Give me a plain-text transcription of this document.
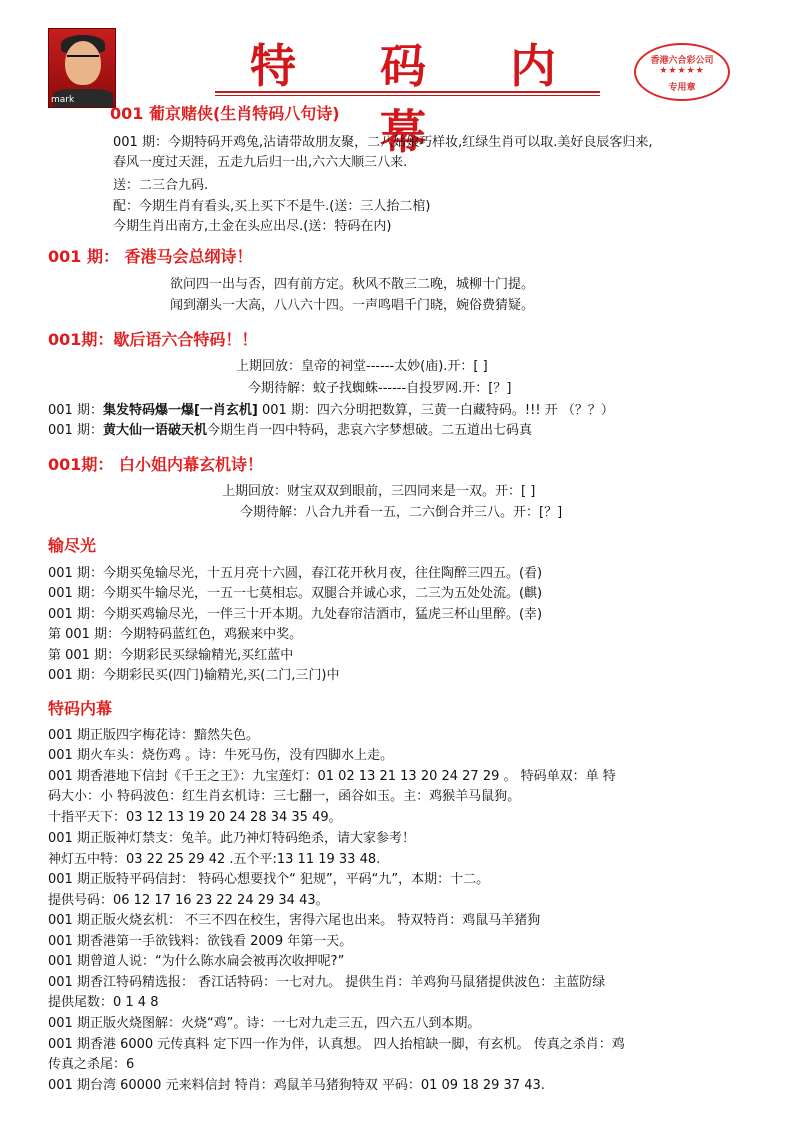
mark
特 码 内 幕
香港六合彩公司
★★★★★
专用章
001 葡京赌侠(生肖特码八句诗)
001 期：今期特码开鸡兔,沾请带故朋友聚，二八姑娘巧样妆,红绿生肖可以取.美好良辰客归来,
春风一度过天涯，五走九后归一出,六六大顺三八来.
送：二三合九码.
配：今期生肖有看头,买上买下不是牛.(送：三人抬二棺)
今期生肖出南方,土金在头应出尽.(送：特码在内)
001 期： 香港马会总纲诗！
欲问四一出与否，四有前方定。秋风不散三二晚，城柳十门提。
闻到潮头一大高，八八六十四。一声鸣唱千门晓，婉俗费猜疑。
001期：歇后语六合特码！！
上期回放：皇帝的祠堂------太妙(庙).开：[ ]
今期待解：蚊子找蜘蛛------自投罗网.开：[？]
001 期：集发特码爆一爆[一肖玄机] 001 期：四六分明把数算，三黄一白藏特码。!!! 开 （？？）
001 期：黄大仙一语破天机今期生肖一四中特码，悲哀六字梦想破。二五道出七码真
001期： 白小姐内幕玄机诗！
上期回放：财宝双双到眼前，三四同来是一双。开：[ ]
今期待解：八合九并看一五，二六倒合并三八。开：[？]
输尽光
001 期：今期买兔输尽光，十五月亮十六圆，春江花开秋月夜，往住陶醉三四五。(看)
001 期：今期买牛输尽光，一五一七莫相忘。双腿合并诚心求，二三为五处处流。(麒)
001 期：今期买鸡输尽光，一伴三十开本期。九处春帘洁酒市，猛虎三杯山里醉。(幸)
第 001 期：今期特码蓝红色，鸡猴来中奖。
第 001 期：今期彩民买绿输精光,买红蓝中
001 期：今期彩民买(四门)输精光,买(二门,三门)中
特码内幕
001 期正版四字梅花诗：黯然失色。
001 期火车头：烧伤鸡 。诗：牛死马伤，没有四脚水上走。
001 期香港地下信封《千王之王》：九宝莲灯：01 02 13 21 13 20 24 27 29 。 特码单双：单 特
码大小：小 特码波色：红生肖玄机诗：三七翻一，函谷如玉。主：鸡猴羊马鼠狗。
十指平天下：03 12 13 19 20 24 28 34 35 49。
001 期正版神灯禁支：兔羊。此乃神灯特码绝杀，请大家参考！
神灯五中特：03 22 25 29 42 .五个平:13 11 19 33 48.
001 期正版特平码信封： 特码心想要找个“ 犯规”，平码“九”，本期：十二。
提供号码：06 12 17 16 23 22 24 29 34 43。
001 期正版火烧玄机： 不三不四在校生，害得六尾也出来。 特双特肖：鸡鼠马羊猪狗
001 期香港第一手欲钱料：欲钱看 2009 年第一天。
001 期曾道人说：“为什么陈水扁会被再次收押呢?”
001 期香江特码精选报： 香江话特码：一七对九。 提供生肖：羊鸡狗马鼠猪提供波色：主蓝防绿
提供尾数：0 1 4 8
001 期正版火烧图解：火烧“鸡”。诗：一七对九走三五，四六五八到本期。
001 期香港 6000 元传真料 定下四一作为伴，认真想。 四人抬棺缺一脚，有玄机。 传真之杀肖：鸡
传真之杀尾：6
001 期台湾 60000 元来料信封 特肖：鸡鼠羊马猪狗特双 平码：01 09 18 29 37 43.
